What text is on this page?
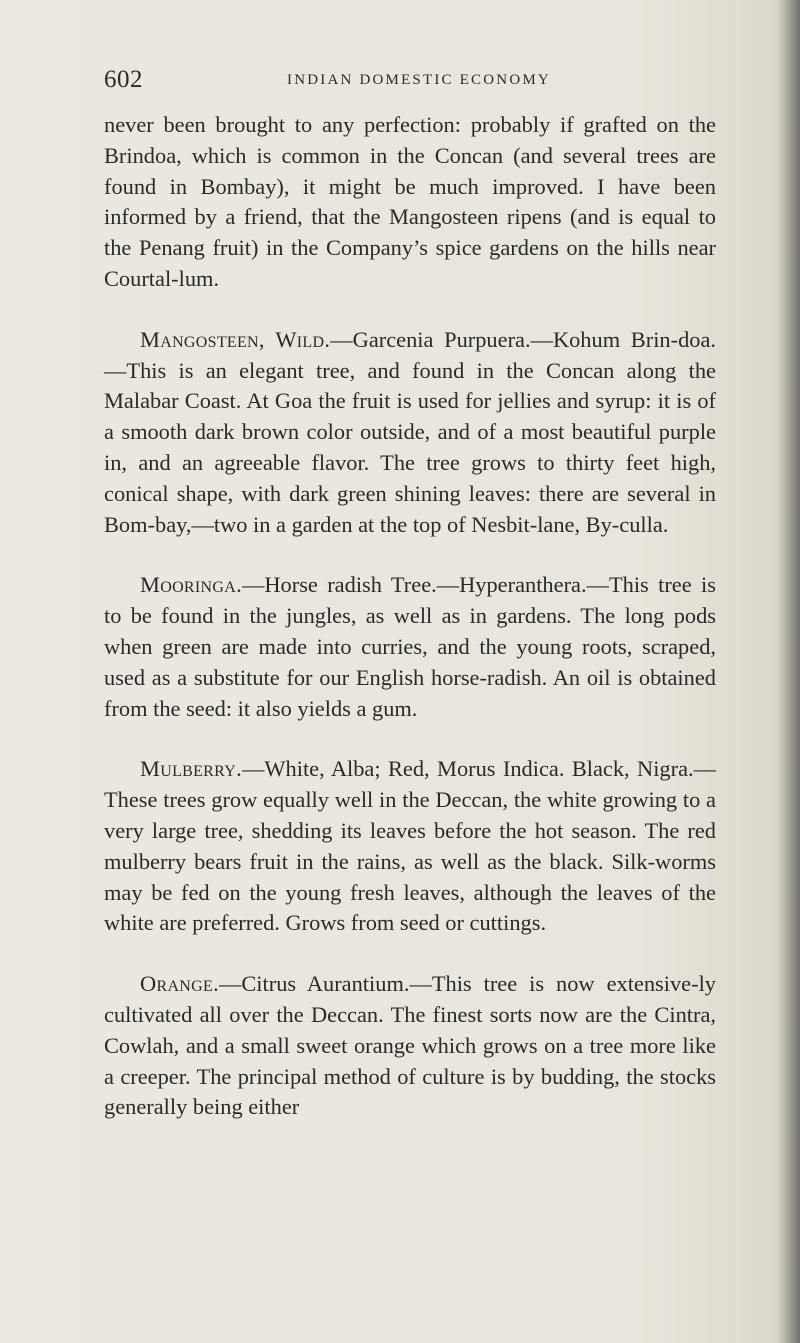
602	INDIAN DOMESTIC ECONOMY

never been brought to any perfection: probably if grafted on the Brindoa, which is common in the Concan (and several trees are found in Bombay), it might be much improved. I have been informed by a friend, that the Mangosteen ripens (and is equal to the Penang fruit) in the Company’s spice gardens on the hills near Courtal-lum.

Mangosteen, Wild.—Garcenia Purpuera.—Kohum Brin-doa.—This is an elegant tree, and found in the Concan along the Malabar Coast. At Goa the fruit is used for jellies and syrup: it is of a smooth dark brown color outside, and of a most beautiful purple in, and an agreeable flavor. The tree grows to thirty feet high, conical shape, with dark green shining leaves: there are several in Bom-bay,—two in a garden at the top of Nesbit-lane, By-culla.

Mooringa.—Horse radish Tree.—Hyperanthera.—This tree is to be found in the jungles, as well as in gardens. The long pods when green are made into curries, and the young roots, scraped, used as a substitute for our English horse-radish. An oil is obtained from the seed: it also yields a gum.

Mulberry.—White, Alba; Red, Morus Indica. Black, Nigra.—These trees grow equally well in the Deccan, the white growing to a very large tree, shedding its leaves before the hot season. The red mulberry bears fruit in the rains, as well as the black. Silk-worms may be fed on the young fresh leaves, although the leaves of the white are preferred. Grows from seed or cuttings.

Orange.—Citrus Aurantium.—This tree is now extensive-ly cultivated all over the Deccan. The finest sorts now are the Cintra, Cowlah, and a small sweet orange which grows on a tree more like a creeper. The principal method of culture is by budding, the stocks generally being either
